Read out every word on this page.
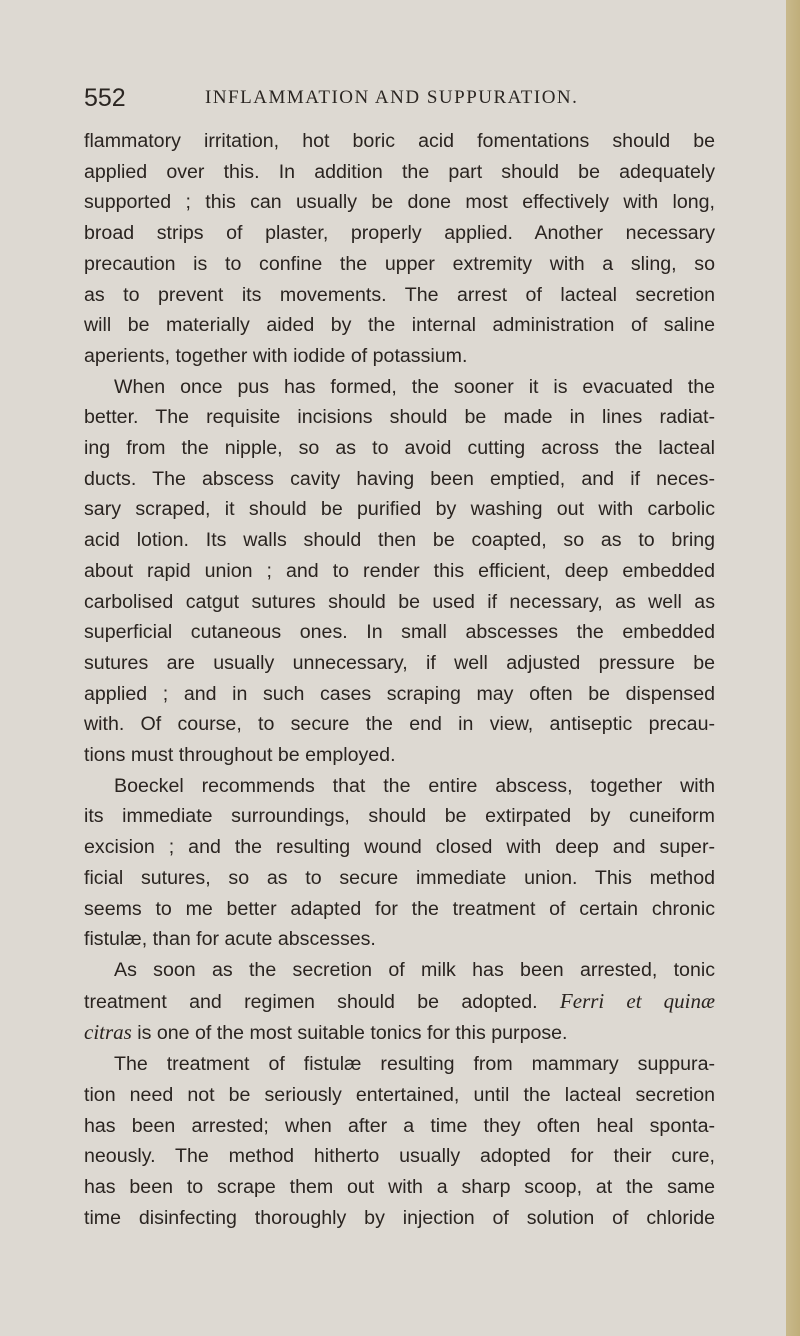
552	INFLAMMATION AND SUPPURATION.
flammatory irritation, hot boric acid fomentations should be
applied over this. In addition the part should be adequately
supported ; this can usually be done most effectively with long,
broad strips of plaster, properly applied. Another necessary
precaution is to confine the upper extremity with a sling, so
as to prevent its movements. The arrest of lacteal secretion
will be materially aided by the internal administration of saline
aperients, together with iodide of potassium.
When once pus has formed, the sooner it is evacuated the
better. The requisite incisions should be made in lines radiat-
ing from the nipple, so as to avoid cutting across the lacteal
ducts. The abscess cavity having been emptied, and if neces-
sary scraped, it should be purified by washing out with carbolic
acid lotion. Its walls should then be coapted, so as to bring
about rapid union ; and to render this efficient, deep embedded
carbolised catgut sutures should be used if necessary, as well as
superficial cutaneous ones. In small abscesses the embedded
sutures are usually unnecessary, if well adjusted pressure be
applied ; and in such cases scraping may often be dispensed
with. Of course, to secure the end in view, antiseptic precau-
tions must throughout be employed.
Boeckel recommends that the entire abscess, together with
its immediate surroundings, should be extirpated by cuneiform
excision ; and the resulting wound closed with deep and super-
ficial sutures, so as to secure immediate union. This method
seems to me better adapted for the treatment of certain chronic
fistulæ, than for acute abscesses.
As soon as the secretion of milk has been arrested, tonic
treatment and regimen should be adopted. Ferri et quinæ
citras is one of the most suitable tonics for this purpose.
The treatment of fistulæ resulting from mammary suppura-
tion need not be seriously entertained, until the lacteal secretion
has been arrested; when after a time they often heal sponta-
neously. The method hitherto usually adopted for their cure,
has been to scrape them out with a sharp scoop, at the same
time disinfecting thoroughly by injection of solution of chloride
